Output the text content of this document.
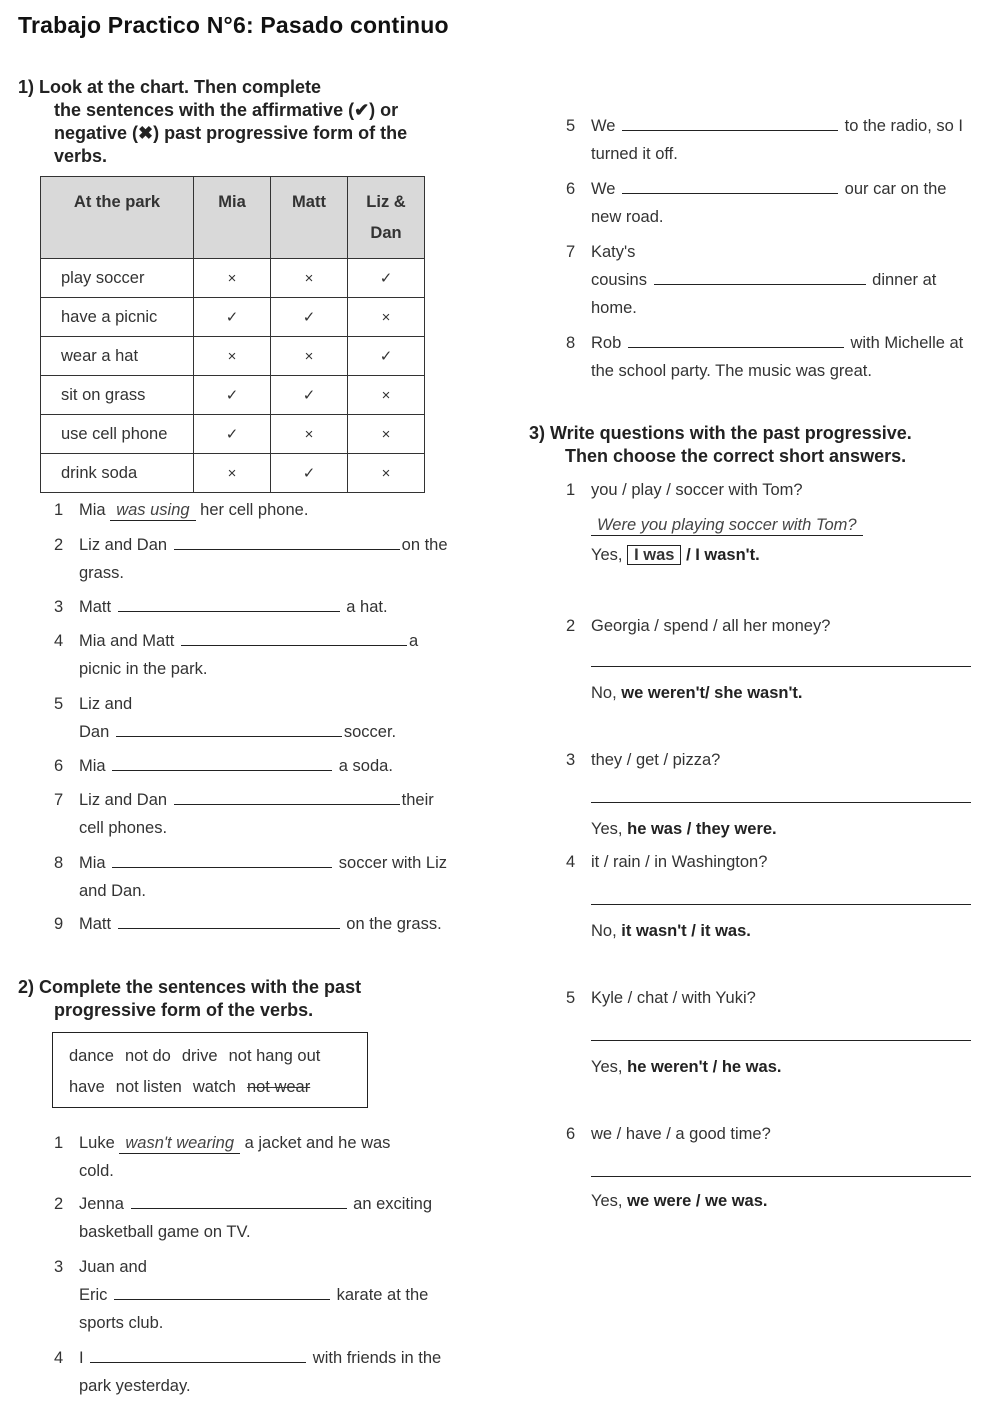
Trabajo Practico N°6: Pasado continuo
1) Look at the chart. Then complete
the sentences with the affirmative (✔) or
negative (✖) past progressive form of the
verbs.
At the park	Mia	Matt	Liz & Dan
play soccer	×	×	✓
have a picnic	✓	✓	×
wear a hat	×	×	✓
sit on grass	✓	✓	×
use cell phone	✓	×	×
drink soda	×	✓	×
1 Mia was using her cell phone.
2 Liz and Dan	on the
grass.
3 Matt	a hat.
4 Mia and Matt	a
picnic in the park.
5 Liz and
Dan	soccer.
6 Mia	a soda.
7 Liz and Dan	their
cell phones.
8 Mia	soccer with Liz
and Dan.
9 Matt	on the grass.
2) Complete the sentences with the past
progressive form of the verbs.
dance not do drive not hang out
have not listen watch not wear
1 Luke wasn't wearing a jacket and he was
cold.
2 Jenna	an exciting
basketball game on TV.
3 Juan and
Eric	karate at the
sports club.
4 I	with friends in the
park yesterday.
5 We	to the radio, so I
turned it off.
6 We	our car on the
new road.
7 Katy's
cousins	dinner at
home.
8 Rob	with Michelle at
the school party. The music was great.
3) Write questions with the past progressive.
Then choose the correct short answers.
1 you / play / soccer with Tom?
Were you playing soccer with Tom?
Yes, I was / I wasn't.
2 Georgia / spend / all her money?
No, we weren't/ she wasn't.
3 they / get / pizza?
Yes, he was / they were.
4 it / rain / in Washington?
No, it wasn't / it was.
5 Kyle / chat / with Yuki?
Yes, he weren't / he was.
6 we / have / a good time?
Yes, we were / we was.
